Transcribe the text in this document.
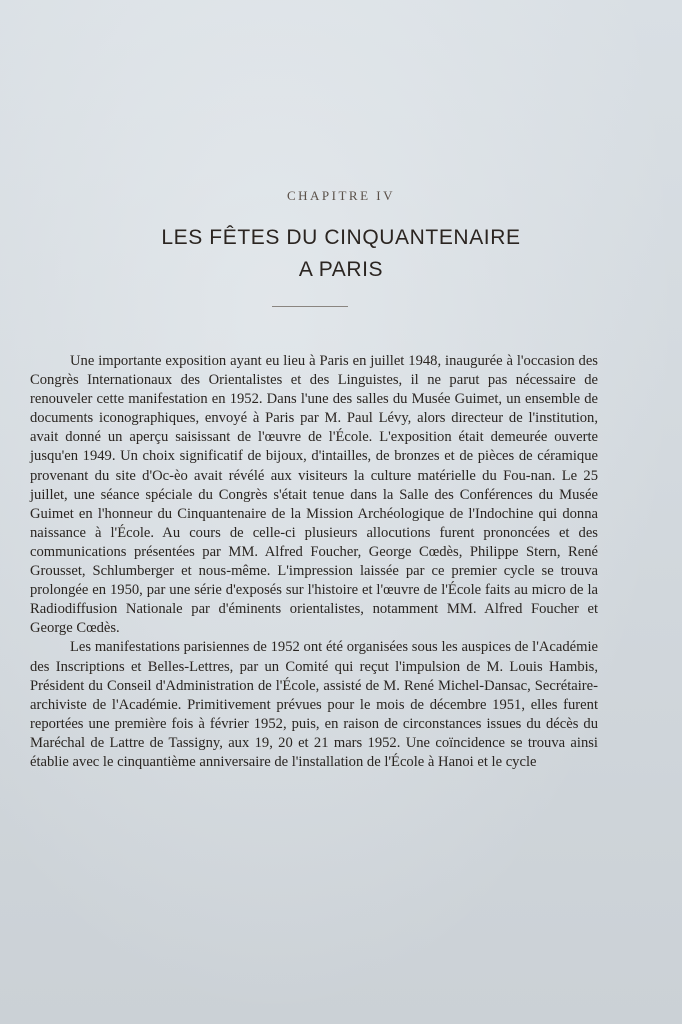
CHAPITRE IV
LES FÊTES DU CINQUANTENAIRE
A PARIS

Une importante exposition ayant eu lieu à Paris en juillet 1948, inaugurée à l'occasion des Congrès Internationaux des Orientalistes et des Linguistes, il ne parut pas nécessaire de renouveler cette manifestation en 1952. Dans l'une des salles du Musée Guimet, un ensemble de documents iconographiques, envoyé à Paris par M. Paul Lévy, alors directeur de l'institution, avait donné un aperçu saisissant de l'œuvre de l'École. L'exposition était demeurée ouverte jusqu'en 1949. Un choix significatif de bijoux, d'intailles, de bronzes et de pièces de céramique provenant du site d'Oc-èo avait révélé aux visiteurs la culture matérielle du Fou-nan. Le 25 juillet, une séance spéciale du Congrès s'était tenue dans la Salle des Conférences du Musée Guimet en l'honneur du Cinquantenaire de la Mission Archéologique de l'Indochine qui donna naissance à l'École. Au cours de celle-ci plusieurs allocutions furent prononcées et des communications présentées par MM. Alfred Foucher, George Cœdès, Philippe Stern, René Grousset, Schlumberger et nous-même. L'impression laissée par ce premier cycle se trouva prolongée en 1950, par une série d'exposés sur l'histoire et l'œuvre de l'École faits au micro de la Radiodiffusion Nationale par d'éminents orientalistes, notamment MM. Alfred Foucher et George Cœdès.

Les manifestations parisiennes de 1952 ont été organisées sous les auspices de l'Académie des Inscriptions et Belles-Lettres, par un Comité qui reçut l'impulsion de M. Louis Hambis, Président du Conseil d'Administration de l'École, assisté de M. René Michel-Dansac, Secrétaire-archiviste de l'Académie. Primitivement prévues pour le mois de décembre 1951, elles furent reportées une première fois à février 1952, puis, en raison de circonstances issues du décès du Maréchal de Lattre de Tassigny, aux 19, 20 et 21 mars 1952. Une coïncidence se trouva ainsi établie avec le cinquantième anniversaire de l'installation de l'École à Hanoi et le cycle
